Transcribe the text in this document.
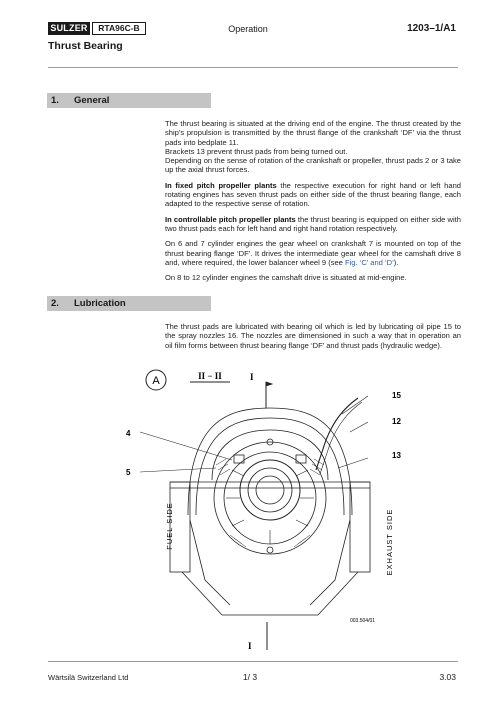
SULZER	RTA96C-B	Operation	1203–1/A1
Thrust Bearing
1. General

The thrust bearing is situated at the driving end of the engine. The thrust created by the ship’s propulsion is transmitted by the thrust flange of the crankshaft ‘DF’ via the thrust pads into bedplate 11.

Brackets 13 prevent thrust pads from being turned out.

Depending on the sense of rotation of the crankshaft or propeller, thrust pads 2 or 3 take up the axial thrust forces.

In fixed pitch propeller plants the respective execution for right hand or left hand rotating engines has seven thrust pads on either side of the thrust bearing flange, each adapted to the respective sense of rotation.

In controllable pitch propeller plants the thrust bearing is equipped on either side with two thrust pads each for left hand and right hand rotation respectively.

On 6 and 7 cylinder engines the gear wheel on crankshaft 7 is mounted on top of the thrust bearing flange ‘DF’. It drives the intermediate gear wheel for the camshaft drive 8 and, where required, the lower balancer wheel 9 (see Fig. ‘C’ and ‘D’).

On 8 to 12 cylinder engines the camshaft drive is situated at mid-engine.

2. Lubrication

The thrust pads are lubricated with bearing oil which is led by lubricating oil pipe 15 to the spray nozzles 16. The nozzles are dimensioned in such a way that in operation an oil film forms between thrust bearing flange ‘DF’ and thrust pads (hydraulic wedge).

A	II − II	I
I
15
12
13
4
5
FUEL SIDE	EXHAUST SIDE
003.504/01
Wärtsilä Switzerland Ltd	1/ 3	3.03
